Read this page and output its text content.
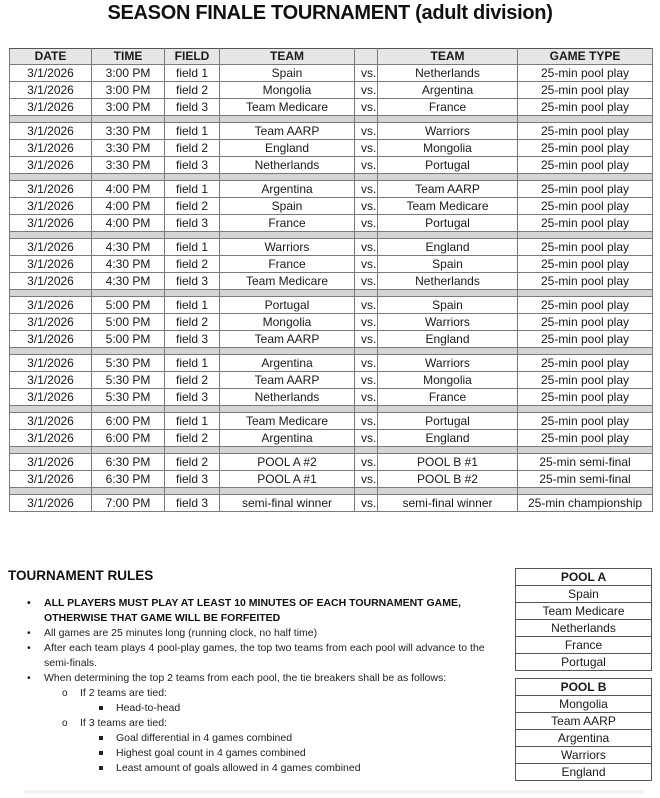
SEASON FINALE TOURNAMENT (adult division)
DATE	TIME	FIELD	TEAM		TEAM	GAME TYPE
3/1/2026	3:00 PM	field 1	Spain	vs.	Netherlands	25-min pool play
3/1/2026	3:00 PM	field 2	Mongolia	vs.	Argentina	25-min pool play
3/1/2026	3:00 PM	field 3	Team Medicare	vs.	France	25-min pool play

3/1/2026	3:30 PM	field 1	Team AARP	vs.	Warriors	25-min pool play
3/1/2026	3:30 PM	field 2	England	vs.	Mongolia	25-min pool play
3/1/2026	3:30 PM	field 3	Netherlands	vs.	Portugal	25-min pool play

3/1/2026	4:00 PM	field 1	Argentina	vs.	Team AARP	25-min pool play
3/1/2026	4:00 PM	field 2	Spain	vs.	Team Medicare	25-min pool play
3/1/2026	4:00 PM	field 3	France	vs.	Portugal	25-min pool play

3/1/2026	4:30 PM	field 1	Warriors	vs.	England	25-min pool play
3/1/2026	4:30 PM	field 2	France	vs.	Spain	25-min pool play
3/1/2026	4:30 PM	field 3	Team Medicare	vs.	Netherlands	25-min pool play

3/1/2026	5:00 PM	field 1	Portugal	vs.	Spain	25-min pool play
3/1/2026	5:00 PM	field 2	Mongolia	vs.	Warriors	25-min pool play
3/1/2026	5:00 PM	field 3	Team AARP	vs.	England	25-min pool play

3/1/2026	5:30 PM	field 1	Argentina	vs.	Warriors	25-min pool play
3/1/2026	5:30 PM	field 2	Team AARP	vs.	Mongolia	25-min pool play
3/1/2026	5:30 PM	field 3	Netherlands	vs.	France	25-min pool play

3/1/2026	6:00 PM	field 1	Team Medicare	vs.	Portugal	25-min pool play
3/1/2026	6:00 PM	field 2	Argentina	vs.	England	25-min pool play

3/1/2026	6:30 PM	field 2	POOL A #2	vs.	POOL B #1	25-min semi-final
3/1/2026	6:30 PM	field 3	POOL A #1	vs.	POOL B #2	25-min semi-final

3/1/2026	7:00 PM	field 3	semi-final winner	vs.	semi-final winner	25-min championship
TOURNAMENT RULES
• ALL PLAYERS MUST PLAY AT LEAST 10 MINUTES OF EACH TOURNAMENT GAME, OTHERWISE THAT GAME WILL BE FORFEITED
• All games are 25 minutes long (running clock, no half time)
• After each team plays 4 pool-play games, the top two teams from each pool will advance to the semi-finals.
• When determining the top 2 teams from each pool, the tie breakers shall be as follows:
o If 2 teams are tied:
Head-to-head
o If 3 teams are tied:
Goal differential in 4 games combined
Highest goal count in 4 games combined
Least amount of goals allowed in 4 games combined
POOL A
Spain
Team Medicare
Netherlands
France
Portugal
POOL B
Mongolia
Team AARP
Argentina
Warriors
England
